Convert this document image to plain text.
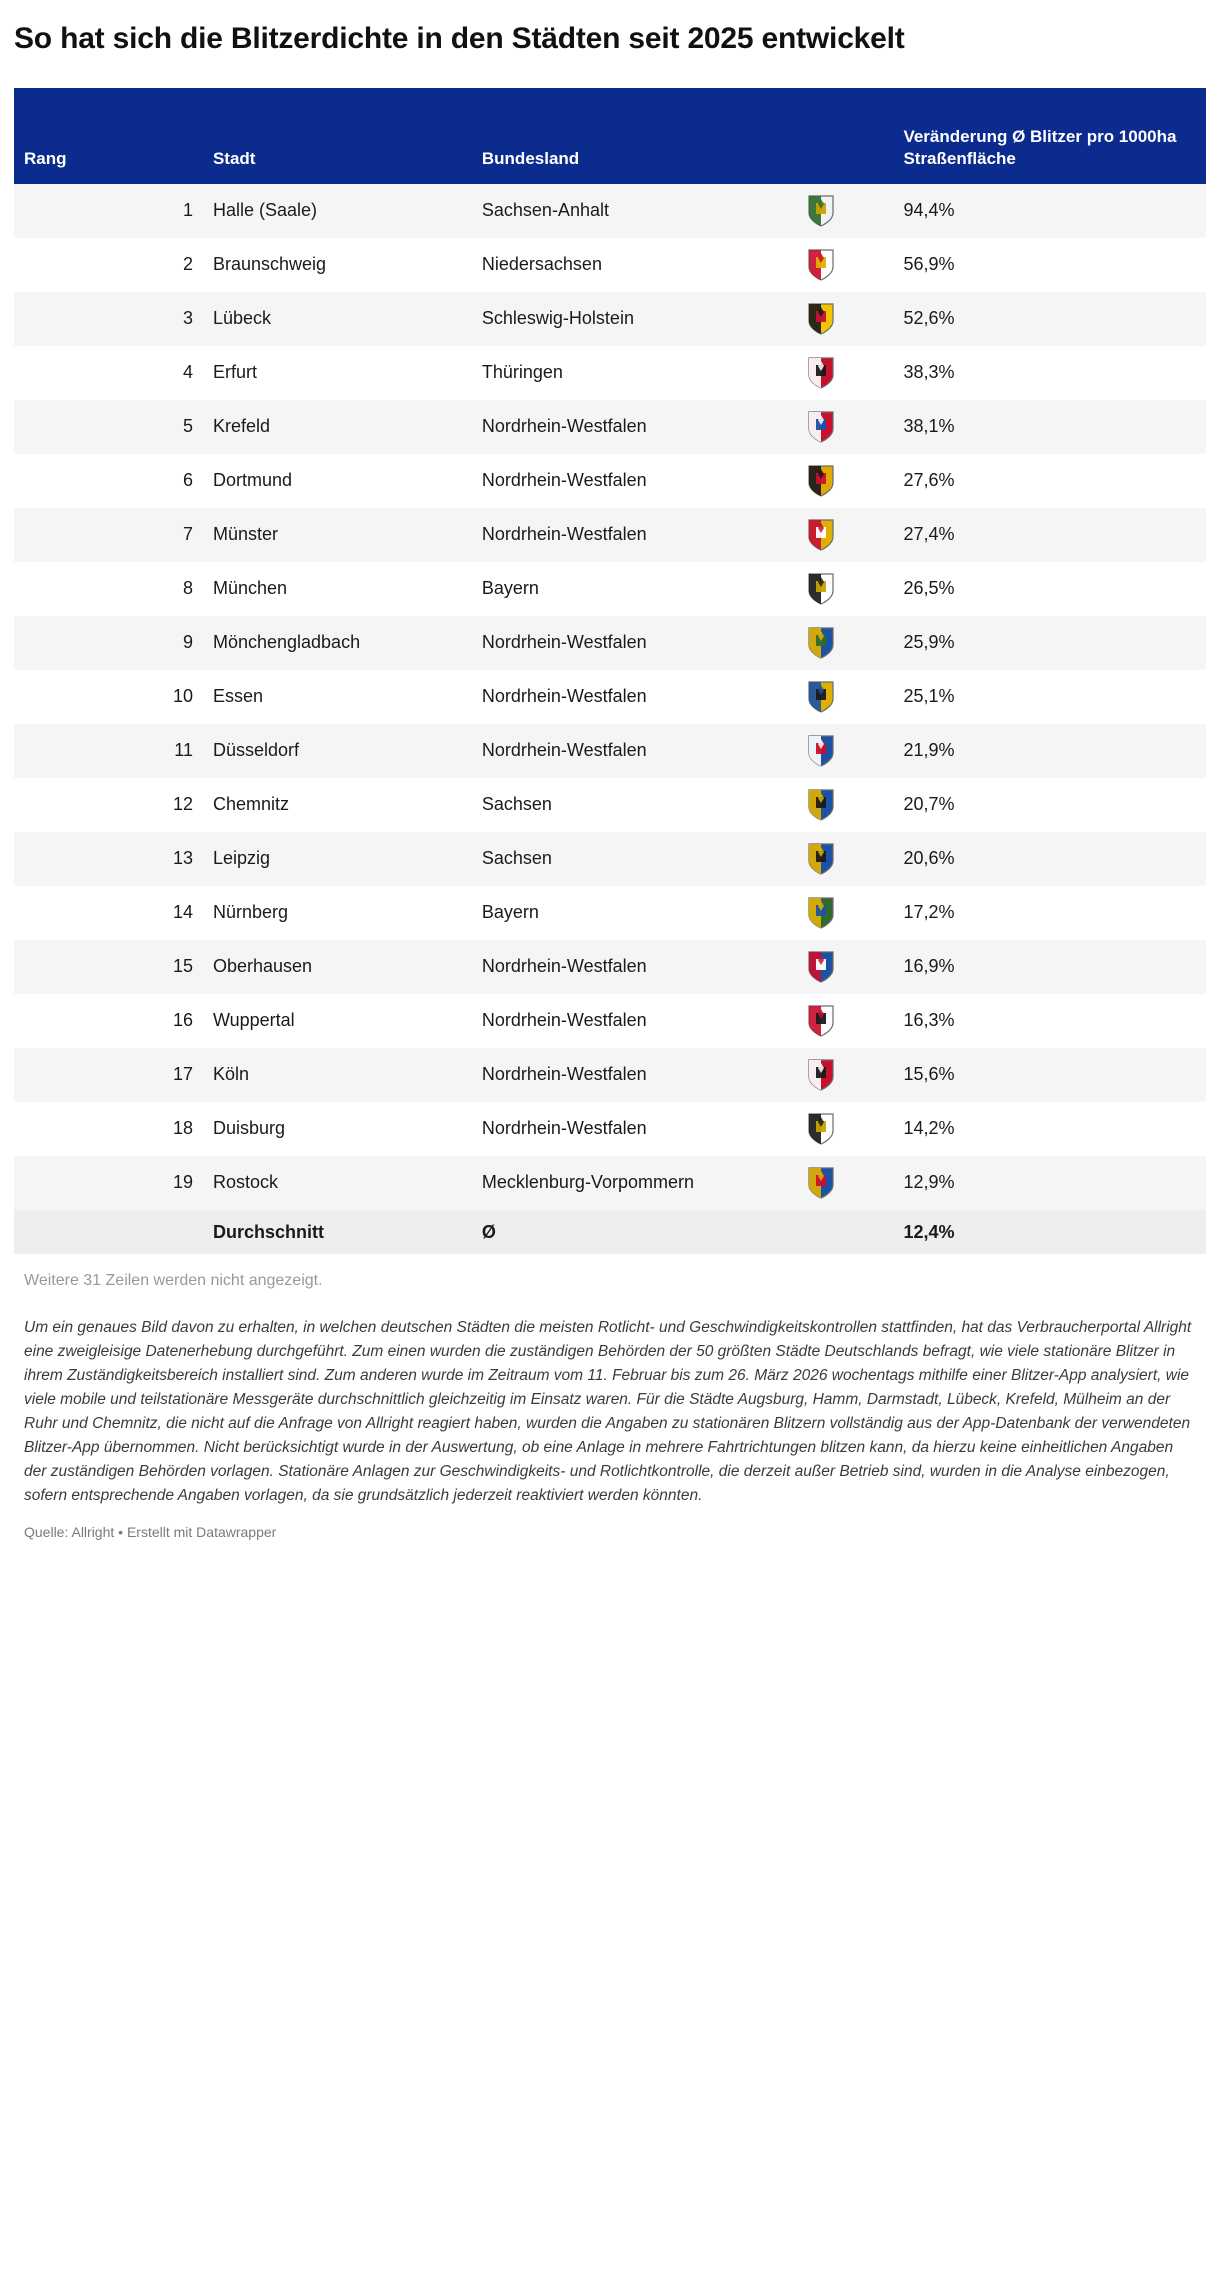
So hat sich die Blitzerdichte in den Städten seit 2025 entwickelt
Rang	Stadt	Bundesland		Veränderung Ø Blitzer pro 1000ha Straßenfläche
1	Halle (Saale)	Sachsen-Anhalt		94,4%
2	Braunschweig	Niedersachsen		56,9%
3	Lübeck	Schleswig-Holstein		52,6%
4	Erfurt	Thüringen		38,3%
5	Krefeld	Nordrhein-Westfalen		38,1%
6	Dortmund	Nordrhein-Westfalen		27,6%
7	Münster	Nordrhein-Westfalen		27,4%
8	München	Bayern		26,5%
9	Mönchengladbach	Nordrhein-Westfalen		25,9%
10	Essen	Nordrhein-Westfalen		25,1%
11	Düsseldorf	Nordrhein-Westfalen		21,9%
12	Chemnitz	Sachsen		20,7%
13	Leipzig	Sachsen		20,6%
14	Nürnberg	Bayern		17,2%
15	Oberhausen	Nordrhein-Westfalen		16,9%
16	Wuppertal	Nordrhein-Westfalen		16,3%
17	Köln	Nordrhein-Westfalen		15,6%
18	Duisburg	Nordrhein-Westfalen		14,2%
19	Rostock	Mecklenburg-Vorpommern		12,9%
	Durchschnitt	Ø		12,4%
Weitere 31 Zeilen werden nicht angezeigt.
Um ein genaues Bild davon zu erhalten, in welchen deutschen Städten die meisten Rotlicht- und Geschwindigkeitskontrollen stattfinden, hat das Verbraucherportal Allright eine zweigleisige Datenerhebung durchgeführt. Zum einen wurden die zuständigen Behörden der 50 größten Städte Deutschlands befragt, wie viele stationäre Blitzer in ihrem Zuständigkeitsbereich installiert sind. Zum anderen wurde im Zeitraum vom 11. Februar bis zum 26. März 2026 wochentags mithilfe einer Blitzer-App analysiert, wie viele mobile und teilstationäre Messgeräte durchschnittlich gleichzeitig im Einsatz waren. Für die Städte Augsburg, Hamm, Darmstadt, Lübeck, Krefeld, Mülheim an der Ruhr und Chemnitz, die nicht auf die Anfrage von Allright reagiert haben, wurden die Angaben zu stationären Blitzern vollständig aus der App-Datenbank der verwendeten Blitzer-App übernommen. Nicht berücksichtigt wurde in der Auswertung, ob eine Anlage in mehrere Fahrtrichtungen blitzen kann, da hierzu keine einheitlichen Angaben der zuständigen Behörden vorlagen. Stationäre Anlagen zur Geschwindigkeits- und Rotlichtkontrolle, die derzeit außer Betrieb sind, wurden in die Analyse einbezogen, sofern entsprechende Angaben vorlagen, da sie grundsätzlich jederzeit reaktiviert werden könnten.
Quelle: Allright • Erstellt mit Datawrapper
